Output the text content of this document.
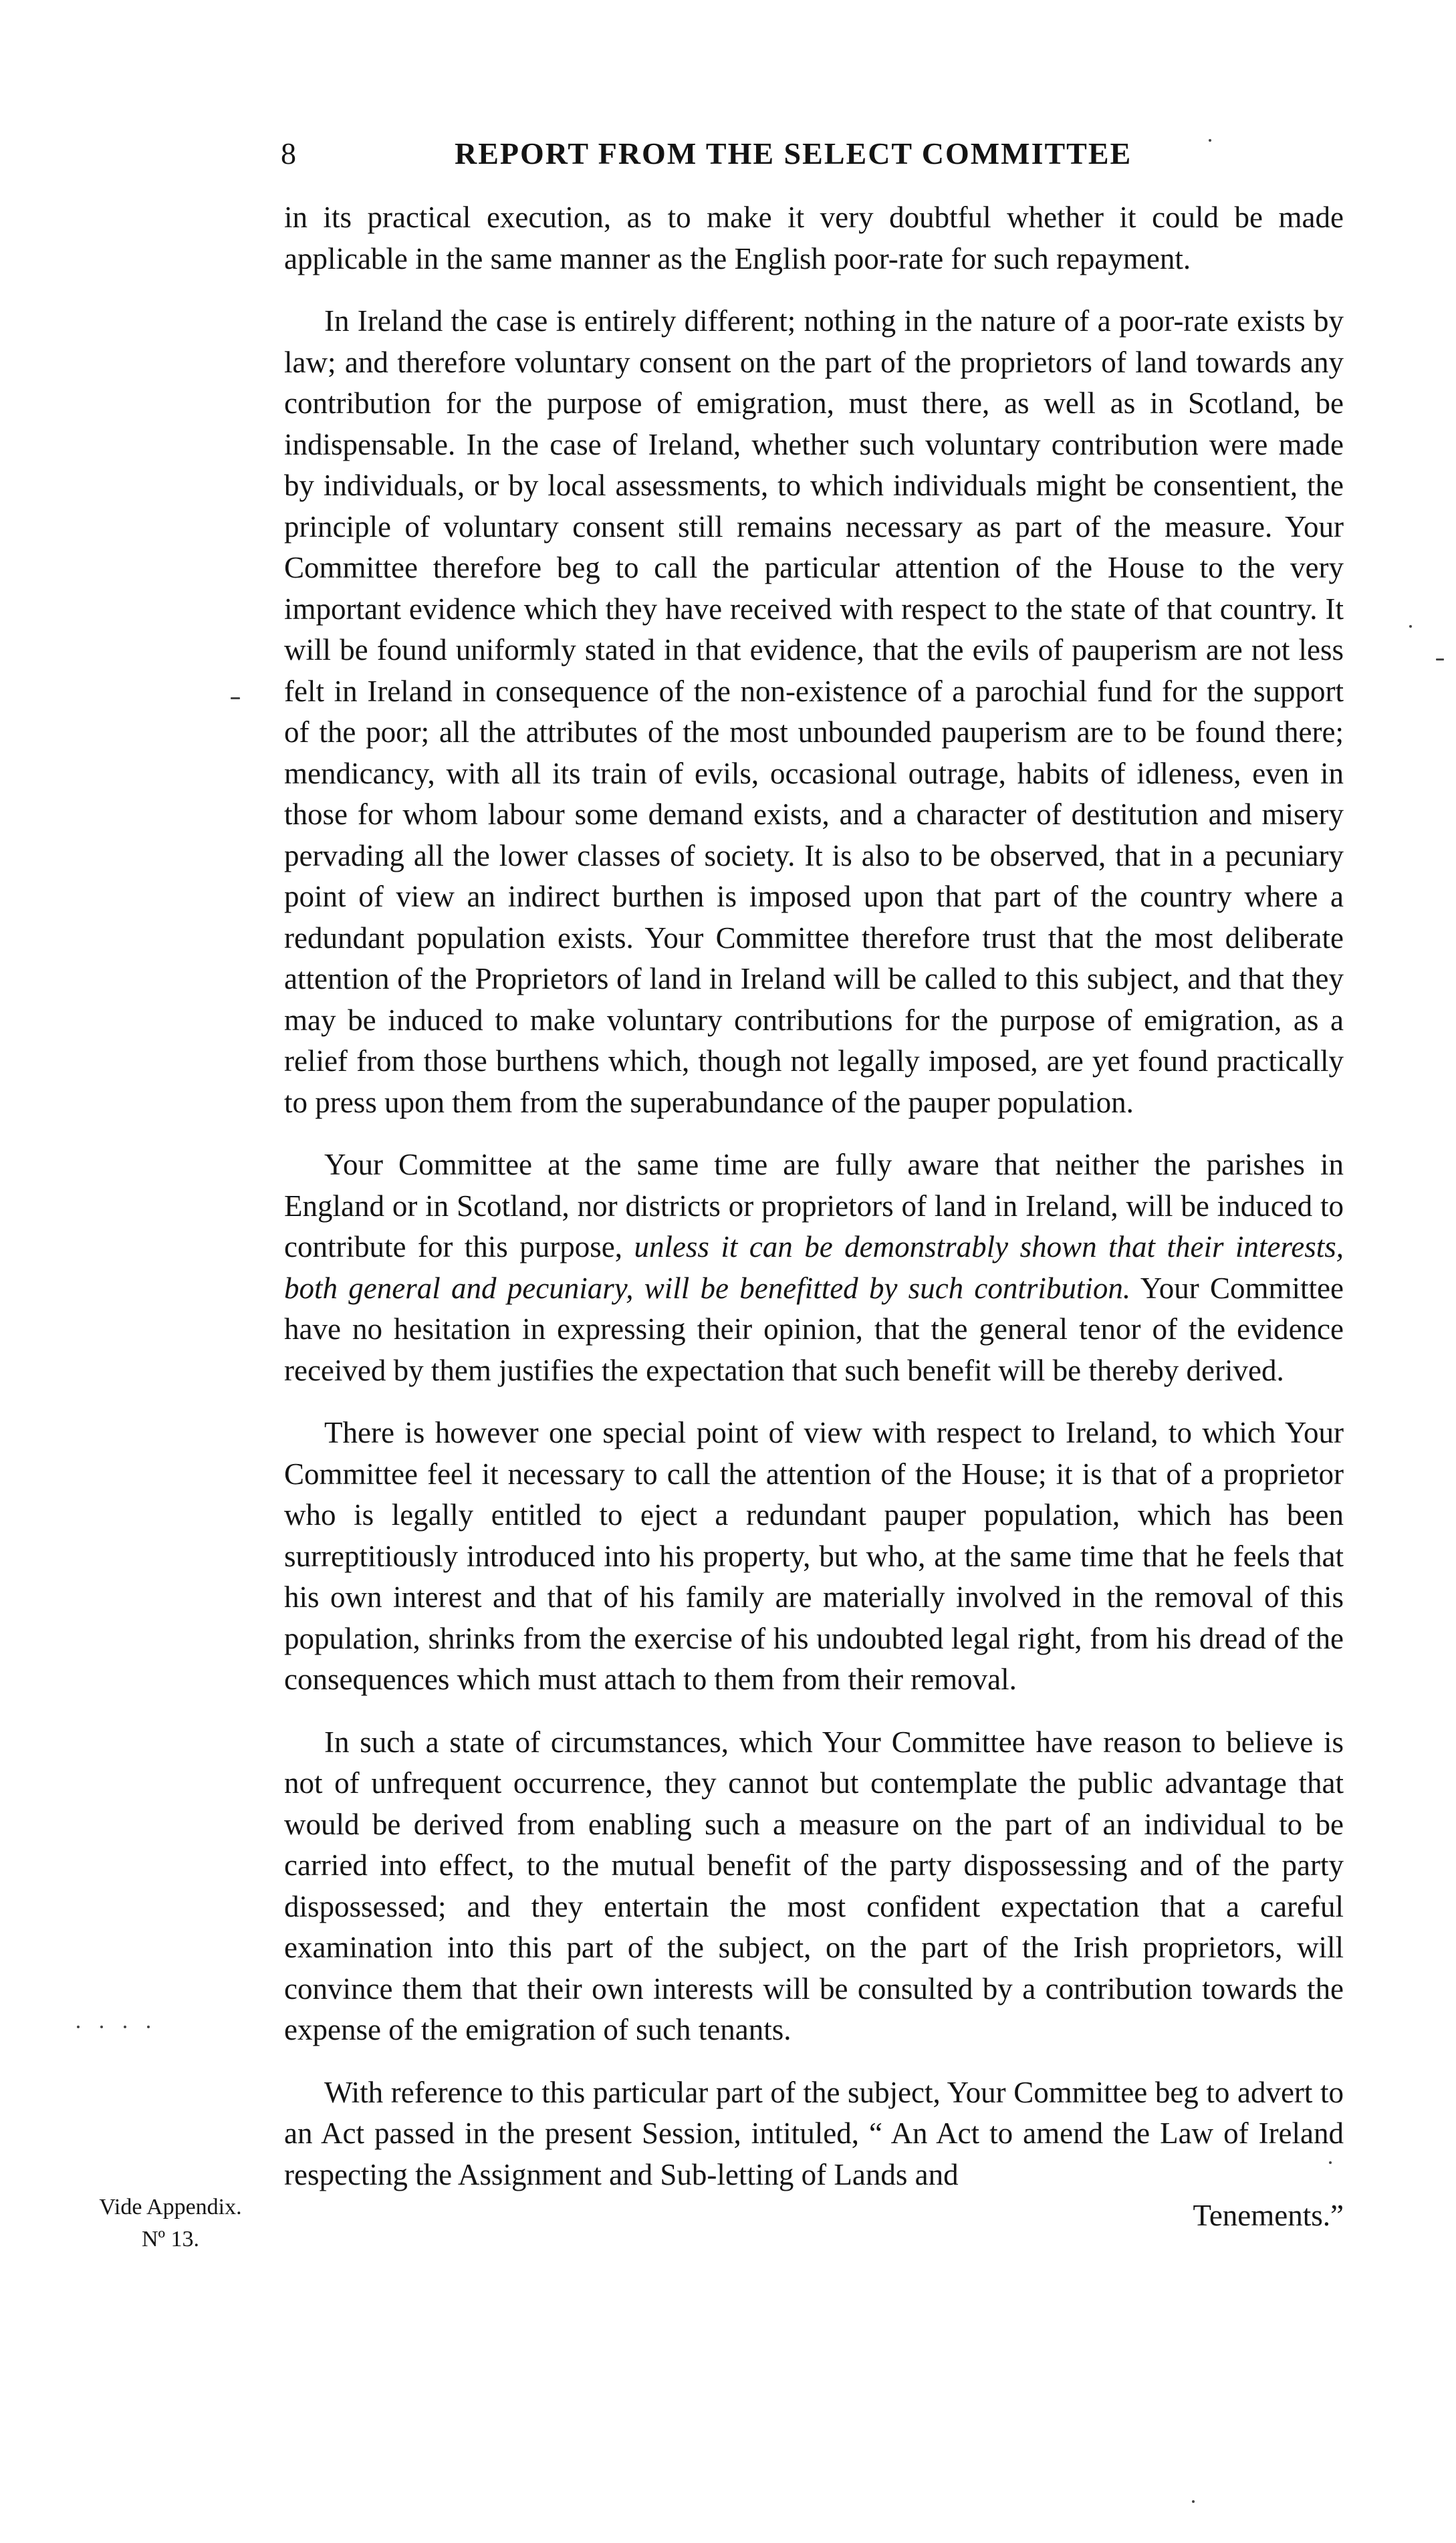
8	REPORT FROM THE SELECT COMMITTEE

in its practical execution, as to make it very doubtful whether it could be made applicable in the same manner as the English poor-rate for such repayment.

In Ireland the case is entirely different; nothing in the nature of a poor-rate exists by law; and therefore voluntary consent on the part of the proprietors of land towards any contribution for the purpose of emigration, must there, as well as in Scotland, be indispensable. In the case of Ireland, whether such voluntary contribution were made by individuals, or by local assessments, to which individuals might be consentient, the principle of voluntary consent still remains necessary as part of the measure. Your Committee therefore beg to call the particular attention of the House to the very important evidence which they have received with respect to the state of that country. It will be found uniformly stated in that evidence, that the evils of pauperism are not less felt in Ireland in consequence of the non-existence of a parochial fund for the support of the poor; all the attributes of the most unbounded pauperism are to be found there; mendicancy, with all its train of evils, occasional outrage, habits of idleness, even in those for whom labour some demand exists, and a character of destitution and misery pervading all the lower classes of society. It is also to be observed, that in a pecuniary point of view an indirect burthen is imposed upon that part of the country where a redundant population exists. Your Committee therefore trust that the most deliberate attention of the Proprietors of land in Ireland will be called to this subject, and that they may be induced to make voluntary contributions for the purpose of emigration, as a relief from those burthens which, though not legally imposed, are yet found practically to press upon them from the superabundance of the pauper population.

Your Committee at the same time are fully aware that neither the parishes in England or in Scotland, nor districts or proprietors of land in Ireland, will be induced to contribute for this purpose, unless it can be demonstrably shown that their interests, both general and pecuniary, will be benefitted by such contribution. Your Committee have no hesitation in expressing their opinion, that the general tenor of the evidence received by them justifies the expectation that such benefit will be thereby derived.

There is however one special point of view with respect to Ireland, to which Your Committee feel it necessary to call the attention of the House; it is that of a proprietor who is legally entitled to eject a redundant pauper population, which has been surreptitiously introduced into his property, but who, at the same time that he feels that his own interest and that of his family are materially involved in the removal of this population, shrinks from the exercise of his undoubted legal right, from his dread of the consequences which must attach to them from their removal.

In such a state of circumstances, which Your Committee have reason to believe is not of unfrequent occurrence, they cannot but contemplate the public advantage that would be derived from enabling such a measure on the part of an individual to be carried into effect, to the mutual benefit of the party dispossessing and of the party dispossessed; and they entertain the most confident expectation that a careful examination into this part of the subject, on the part of the Irish proprietors, will convince them that their own interests will be consulted by a contribution towards the expense of the emigration of such tenants.

With reference to this particular part of the subject, Your Committee beg to advert to an Act passed in the present Session, intituled, “ An Act to amend the Law of Ireland respecting the Assignment and Sub-letting of Lands and
Tenements.”

Vide Appendix.
Nº 13.
